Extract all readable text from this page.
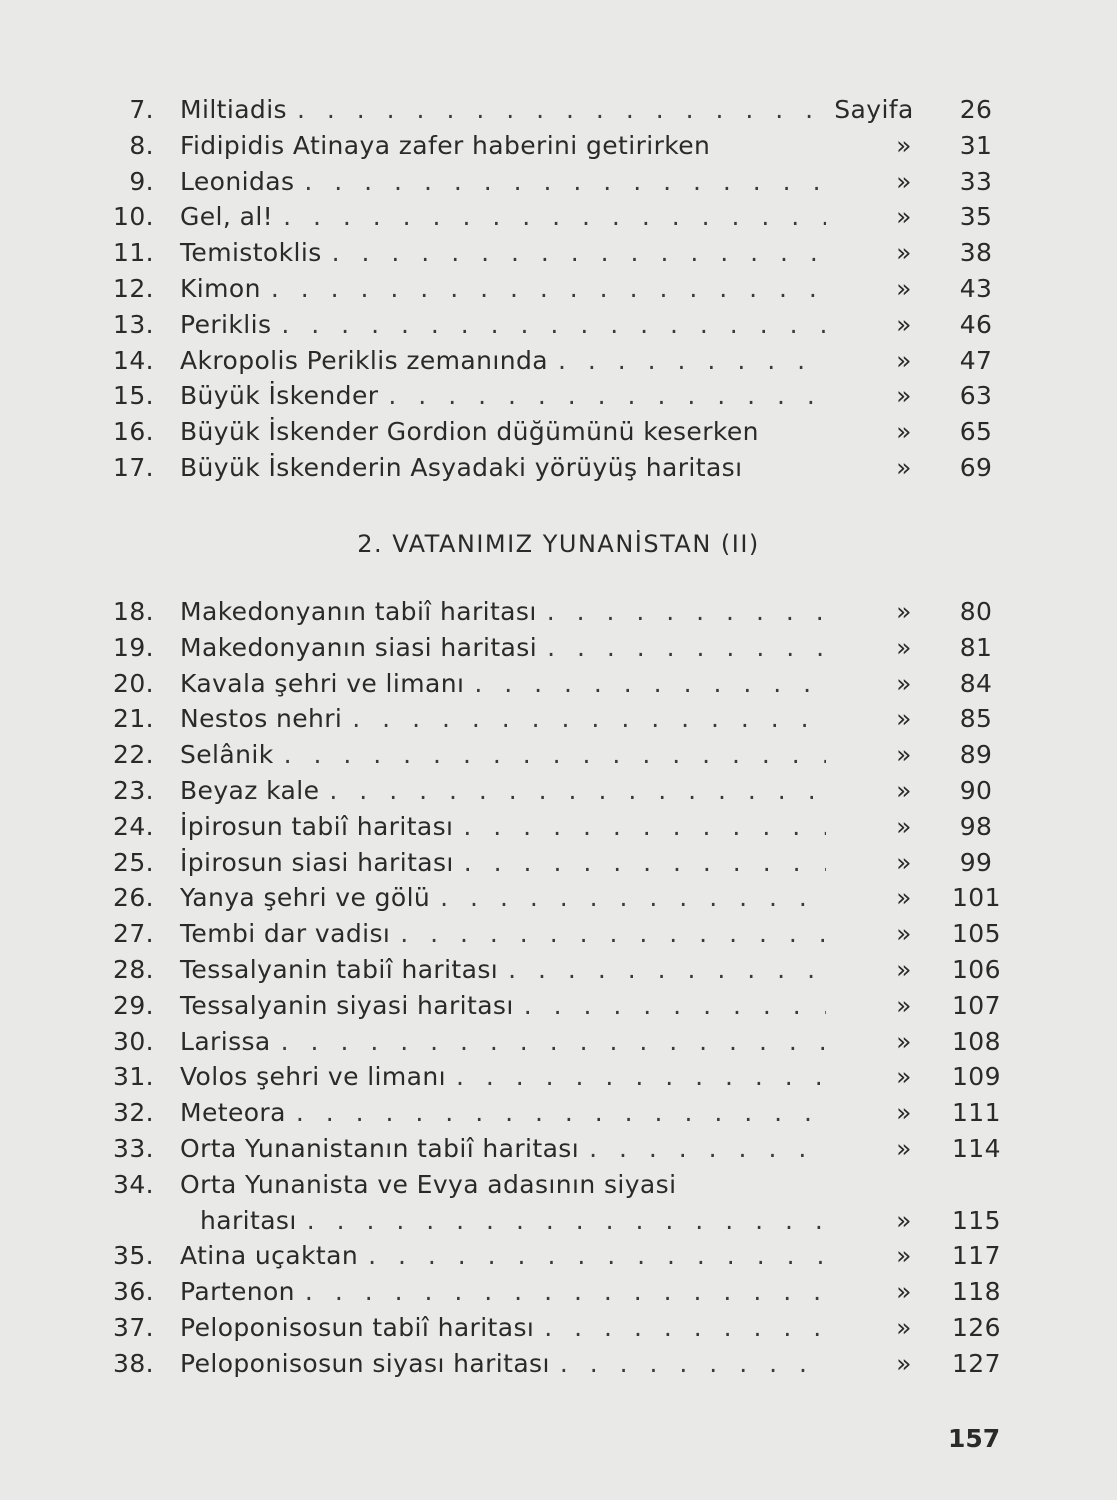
7. Miltiadis . . .	Sayifa	26
8. Fidipidis Atinaya zafer haberini getirirken	»	31
9. Leonidas . . .	»	33
10. Gel, al! . . .	»	35
11. Temistoklis . . .	»	38
12. Kimon . . .	»	43
13. Periklis . . .	»	46
14. Akropolis Periklis zemanında . . .	»	47
15. Büyük İskender . . .	»	63
16. Büyük İskender Gordion düğümünü keserken	»	65
17. Büyük İskenderin Asyadaki yörüyüş haritası	»	69
2. VATANIMIZ YUNANİSTAN (II)
18. Makedonyanın tabiî haritası . . .	»	80
19. Makedonyanın siasi haritasi . . .	»	81
20. Kavala şehri ve limanı . . .	»	84
21. Nestos nehri . . .	»	85
22. Selânik . . .	»	89
23. Beyaz kale . . .	»	90
24. İpirosun tabiî haritası . . .	»	98
25. İpirosun siasi haritası . . .	»	99
26. Yanya şehri ve gölü . . .	»	101
27. Tembi dar vadisı . . .	»	105
28. Tessalyanin tabiî haritası . . .	»	106
29. Tessalyanin siyasi haritası . . .	»	107
30. Larissa . . .	»	108
31. Volos şehri ve limanı . . .	»	109
32. Meteora . . .	»	111
33. Orta Yunanistanın tabiî haritası . . .	»	114
34. Orta Yunanista ve Evya adasının siyasi
haritası . . .	»	115
35. Atina uçaktan . . .	»	117
36. Partenon . . .	»	118
37. Peloponisosun tabiî haritası . . .	»	126
38. Peloponisosun siyası haritası . . .	»	127
157
